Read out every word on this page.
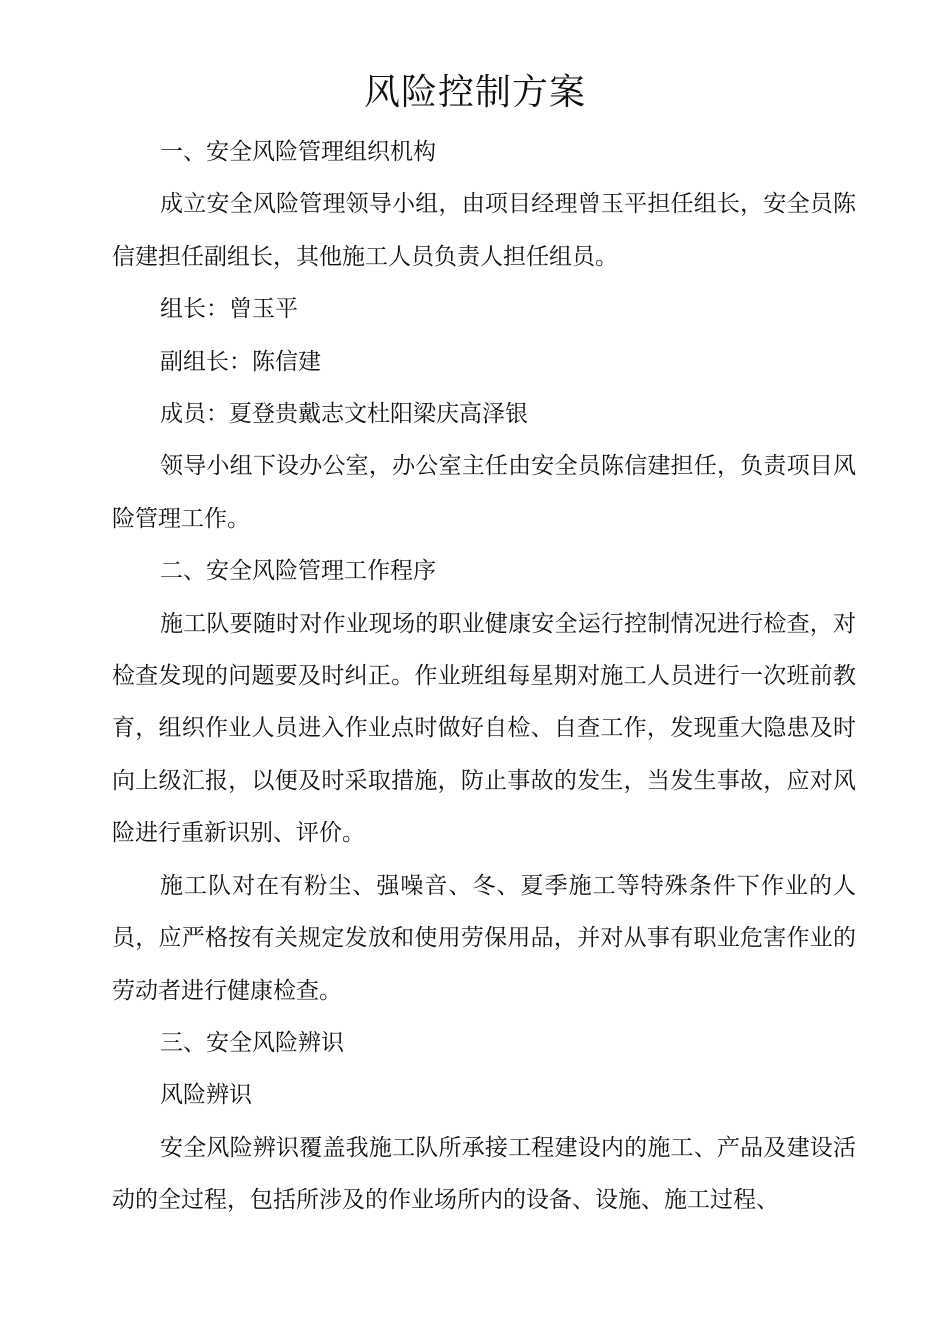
风险控制方案

一、安全风险管理组织机构

成立安全风险管理领导小组，由项目经理曾玉平担任组长，安全员陈信建担任副组长，其他施工人员负责人担任组员。

组长：曾玉平

副组长：陈信建

成员：夏登贵戴志文杜阳梁庆高泽银

领导小组下设办公室，办公室主任由安全员陈信建担任，负责项目风险管理工作。

二、安全风险管理工作程序

施工队要随时对作业现场的职业健康安全运行控制情况进行检查，对检查发现的问题要及时纠正。作业班组每星期对施工人员进行一次班前教育，组织作业人员进入作业点时做好自检、自查工作，发现重大隐患及时向上级汇报，以便及时采取措施，防止事故的发生，当发生事故，应对风险进行重新识别、评价。

施工队对在有粉尘、强噪音、冬、夏季施工等特殊条件下作业的人员，应严格按有关规定发放和使用劳保用品，并对从事有职业危害作业的劳动者进行健康检查。

三、安全风险辨识

风险辨识

安全风险辨识覆盖我施工队所承接工程建设内的施工、产品及建设活动的全过程，包括所涉及的作业场所内的设备、设施、施工过程、
